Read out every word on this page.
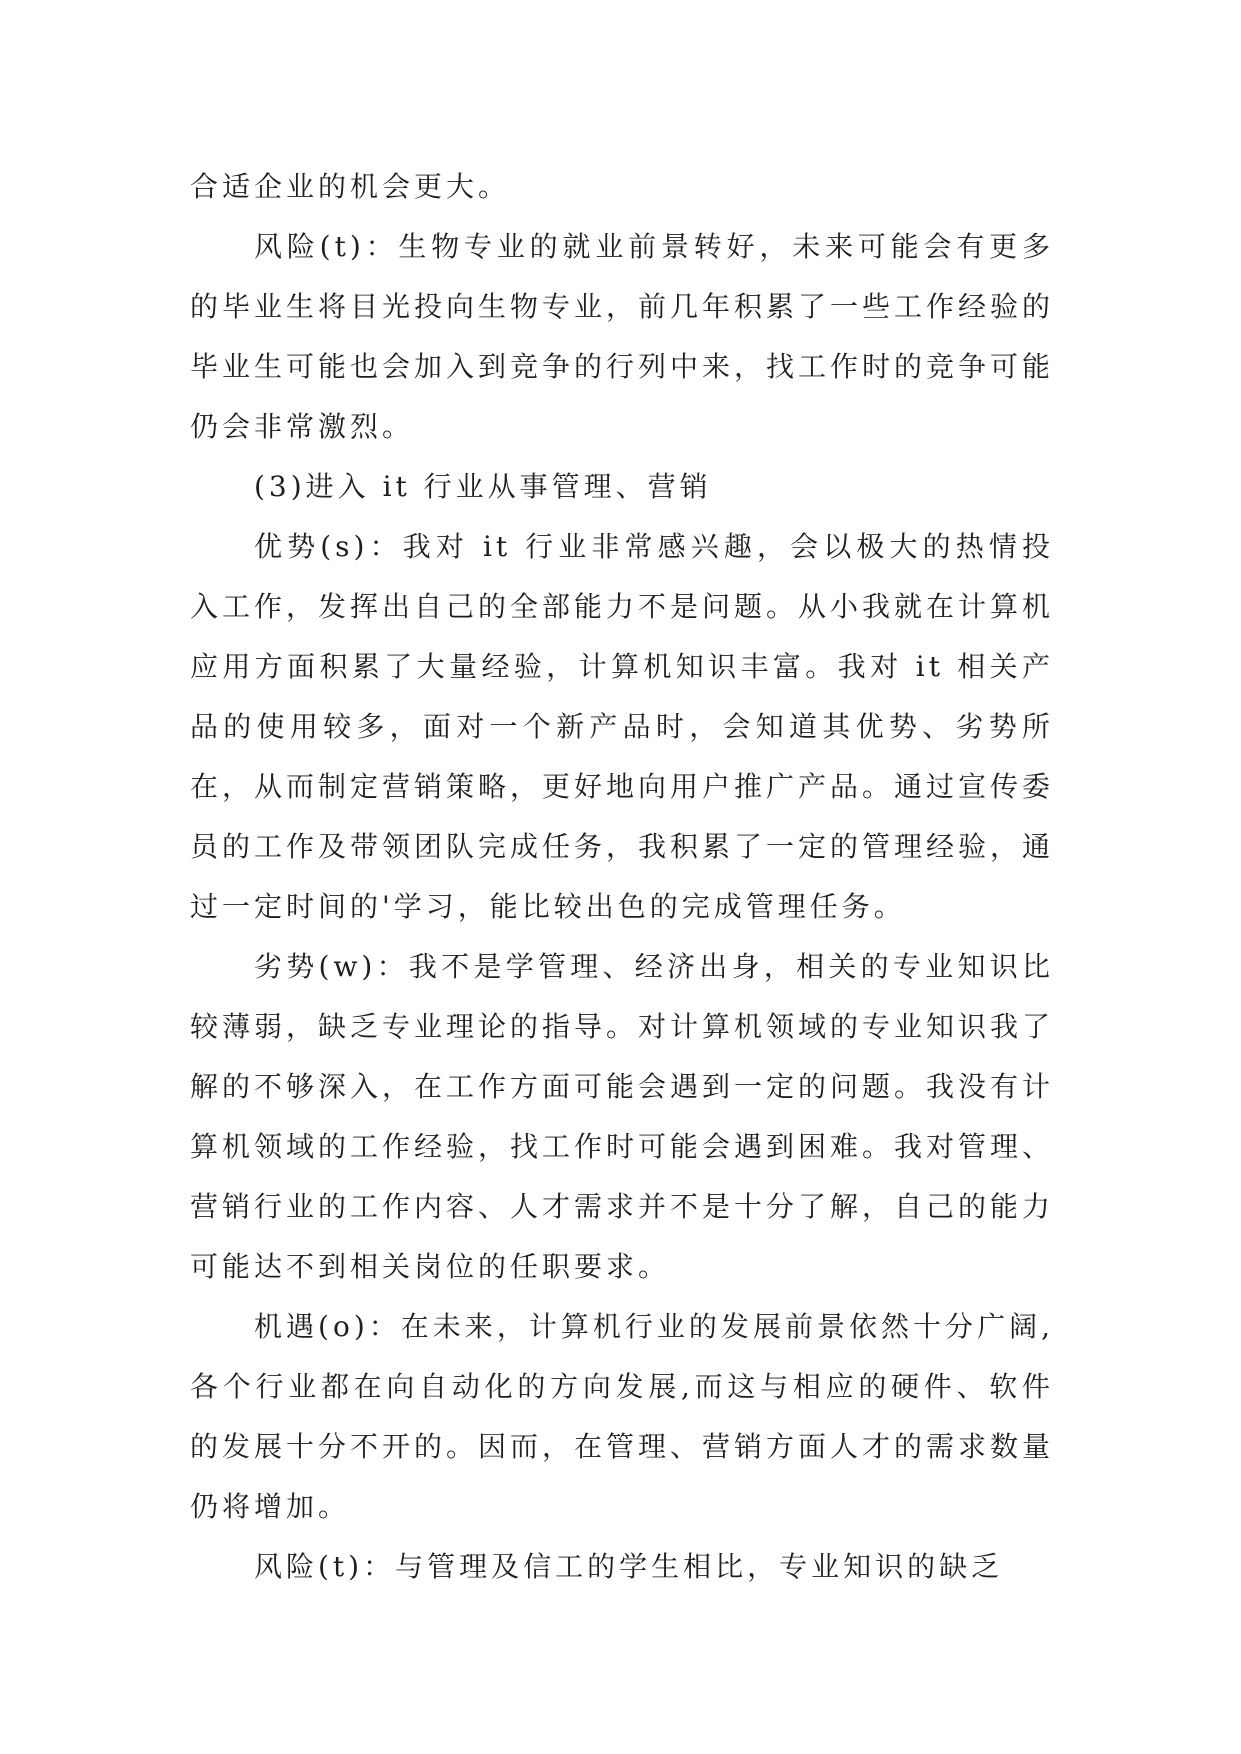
合适企业的机会更大。

风险(t)：生物专业的就业前景转好，未来可能会有更多的毕业生将目光投向生物专业，前几年积累了一些工作经验的毕业生可能也会加入到竞争的行列中来，找工作时的竞争可能仍会非常激烈。

(3)进入 it 行业从事管理、营销

优势(s)：我对 it 行业非常感兴趣，会以极大的热情投入工作，发挥出自己的全部能力不是问题。从小我就在计算机应用方面积累了大量经验，计算机知识丰富。我对 it 相关产品的使用较多，面对一个新产品时，会知道其优势、劣势所在，从而制定营销策略，更好地向用户推广产品。通过宣传委员的工作及带领团队完成任务，我积累了一定的管理经验，通过一定时间的'学习，能比较出色的完成管理任务。

劣势(w)：我不是学管理、经济出身，相关的专业知识比较薄弱，缺乏专业理论的指导。对计算机领域的专业知识我了解的不够深入，在工作方面可能会遇到一定的问题。我没有计算机领域的工作经验，找工作时可能会遇到困难。我对管理、营销行业的工作内容、人才需求并不是十分了解，自己的能力可能达不到相关岗位的任职要求。

机遇(o)：在未来，计算机行业的发展前景依然十分广阔,各个行业都在向自动化的方向发展,而这与相应的硬件、软件的发展十分不开的。因而，在管理、营销方面人才的需求数量仍将增加。

风险(t)：与管理及信工的学生相比，专业知识的缺乏
